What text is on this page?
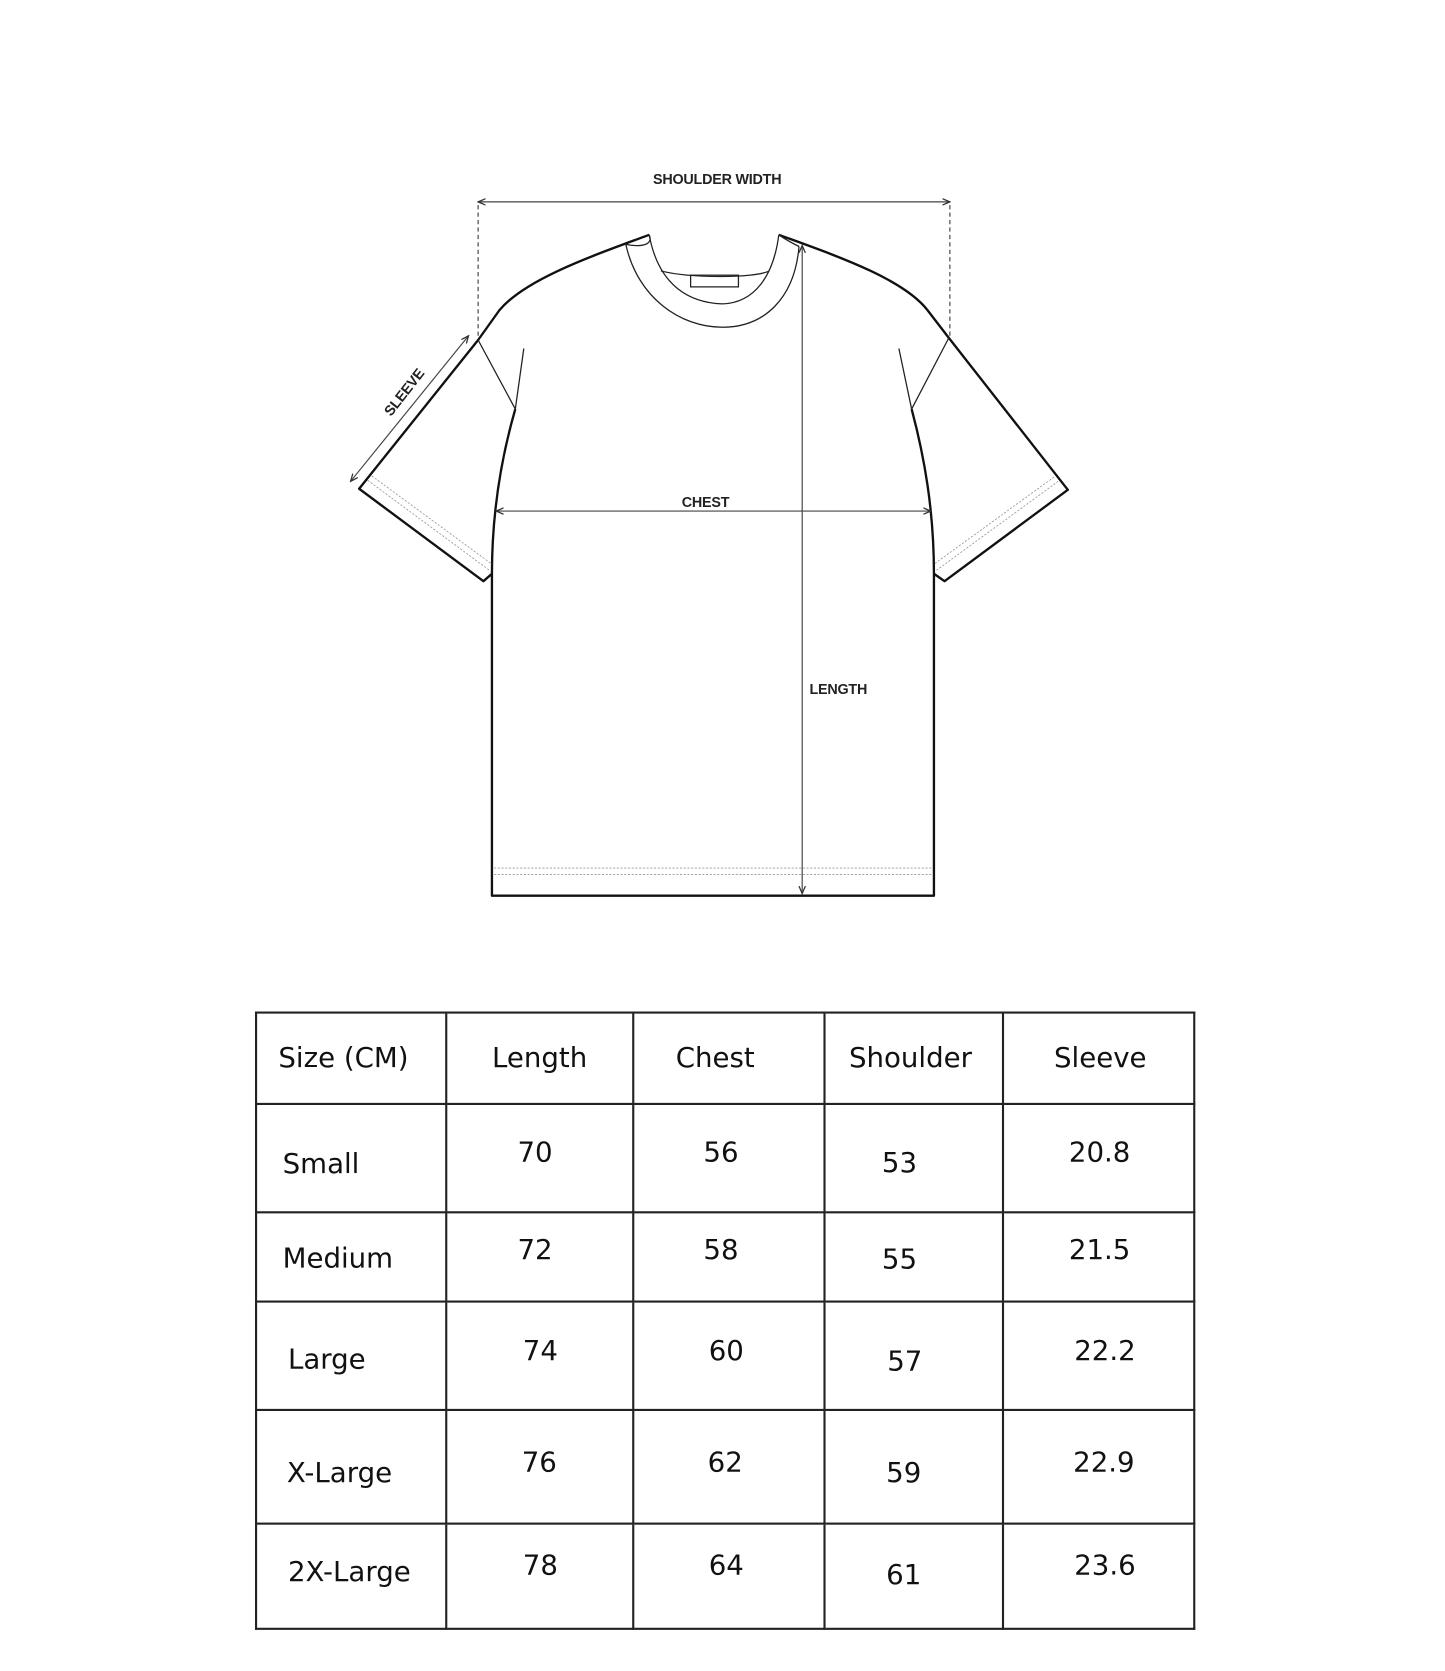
SHOULDER WIDTH
CHEST
LENGTH
SLEEVE
Size (CM)	Length	Chest	Shoulder	Sleeve

Small	70	56	53	20.8

Medium	72	58	55	21.5

Large	74	60	57	22.2

X-Large	76	62	59	22.9

2X-Large	78	64	61	23.6
